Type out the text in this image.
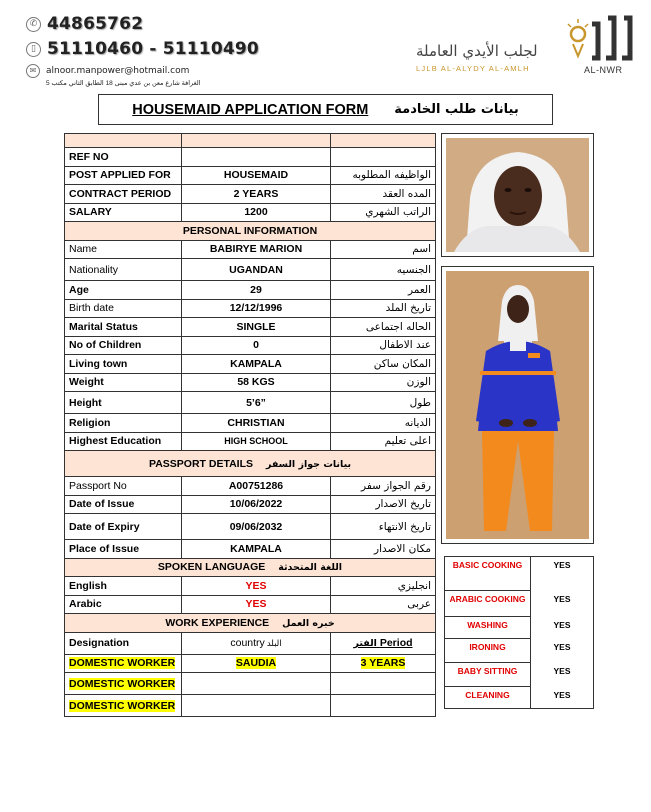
✆ 44865762
▯ 51110460 - 51110490
✉	alnoor.manpower@hotmail.com
الغرافة شارع معن بن عدي مبنى 18 الطابق الثاني مكتب 5
لجلب الأيدي العاملة
LJLB AL-ALYDY AL-AMLH	AL-NWR
HOUSEMAID APPLICATION FORM بيانات طلب الخادمة

REF NO		
POST APPLIED FOR	HOUSEMAID	الواظيفه المطلوبه
CONTRACT PERIOD	2 YEARS	المده العقد
SALARY	1200	الراتب الشهري
PERSONAL INFORMATION		
Name	BABIRYE MARION	اسم
Nationality	UGANDAN	الجنسيه
Age	29	العمر
Birth date	12/12/1996	تاريخ الملد
Marital Status	SINGLE	الحاله اجتماعى
No of Children	0	عند الاطفال
Living town	KAMPALA	المكان ساكن
Weight	58 KGS	الوزن
Height	5’6”	طول
Religion	CHRISTIAN	الديانه
Highest Education	HIGH SCHOOL	اعلى تعليم
PASSPORT DETAILS بيانات جواز السفر		
Passport No	A00751286	رقم الجواز سفر
Date of Issue	10/06/2022	تاريخ الاصدار
Date of Expiry	09/06/2032	تاريخ الانتهاء
Place of Issue	KAMPALA	مكان الاصدار
SPOKEN LANGUAGE اللغة المتحدثة		
English	YES	انجليزي
Arabic	YES	عربى
WORK EXPERIENCE خبره العمل		
Designation	country البلد	الفتر Period
DOMESTIC WORKER	SAUDIA	3 YEARS
DOMESTIC WORKER		
DOMESTIC WORKER		
BASIC COOKING	YES
ARABIC COOKING	YES
WASHING	YES
IRONING	YES
BABY SITTING	YES
CLEANING	YES
